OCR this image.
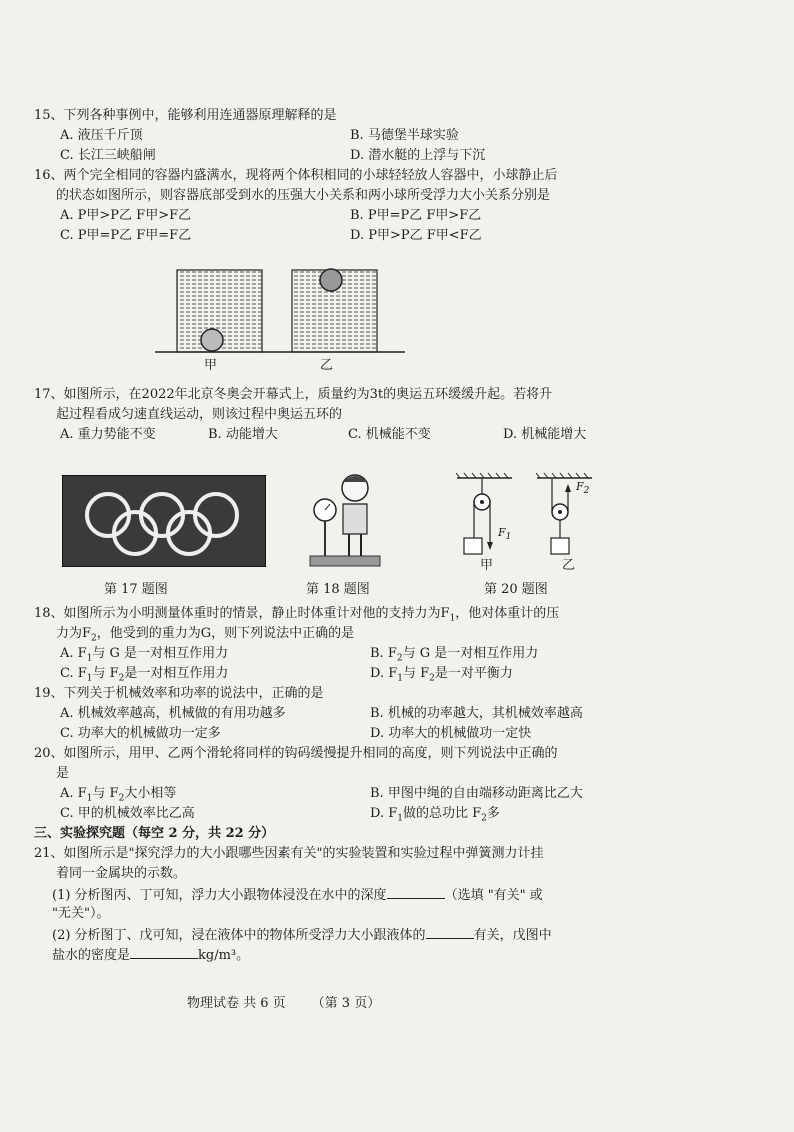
15、下列各种事例中，能够利用连通器原理解释的是
A. 液压千斤顶	B. 马德堡半球实验
C. 长江三峡船闸	D. 潜水艇的上浮与下沉
16、两个完全相同的容器内盛满水，现将两个体积相同的小球轻轻放人容器中，小球静止后
的状态如图所示，则容器底部受到水的压强大小关系和两小球所受浮力大小关系分别是
A. P甲>P乙 F甲>F乙	B. P甲=P乙 F甲>F乙
C. P甲=P乙 F甲=F乙	D. P甲>P乙 F甲<F乙
甲	乙
17、如图所示，在2022年北京冬奥会开幕式上，质量约为3t的奥运五环缓缓升起。若将升
起过程看成匀速直线运动，则该过程中奥运五环的
A. 重力势能不变	B. 动能增大	C. 机械能不变	D. 机械能增大
$F_1$
$F_2$
甲	乙
第 17 题图	第 18 题图	第 20 题图
18、如图所示为小明测量体重时的情景，静止时体重计对他的支持力为$F_1$，他对体重计的压
力为$F_2$，他受到的重力为G，则下列说法中正确的是
A. $F_1$与 G 是一对相互作用力	B. $F_2$与 G 是一对相互作用力
C. $F_1$与 $F_2$是一对相互作用力	D. $F_1$与 $F_2$是一对平衡力
19、下列关于机械效率和功率的说法中，正确的是
A. 机械效率越高，机械做的有用功越多	B. 机械的功率越大，其机械效率越高
C. 功率大的机械做功一定多	D. 功率大的机械做功一定快
20、如图所示，用甲、乙两个滑轮将同样的钩码缓慢提升相同的高度，则下列说法中正确的
是
A. $F_1$与 $F_2$大小相等	B. 甲图中绳的自由端移动距离比乙大
C. 甲的机械效率比乙高	D. $F_1$做的总功比 $F_2$多
三、实验探究题（每空 2 分，共 22 分）
21、如图所示是"探究浮力的大小跟哪些因素有关"的实验装置和实验过程中弹簧测力计挂
着同一金属块的示数。
(1) 分析图丙、丁可知，浮力大小跟物体浸没在水中的深度	（选填 "有关" 或
"无关"）。
(2) 分析图丁、戊可知，浸在液体中的物体所受浮力大小跟液体的	有关，戊图中
盐水的密度是	kg/m³。
物理试卷 共 6 页 （第 3 页）
